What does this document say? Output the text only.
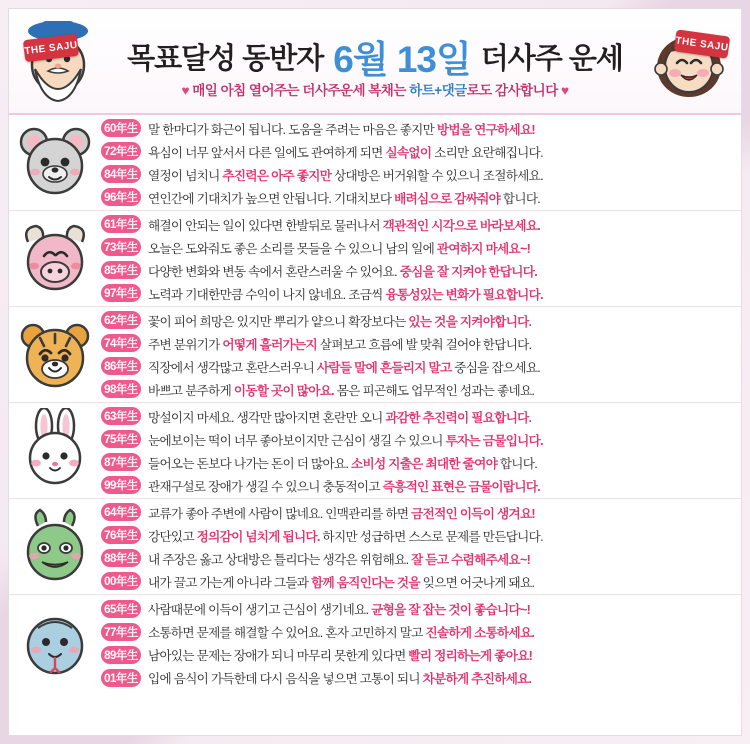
THE SAJU	THE SAJU
목표달성 동반자 6월 13일 더사주 운세
♥ 매일 아침 열어주는 더사주운세 복채는 하트+댓글로도 감사합니다 ♥
60年生 말 한마디가 화근이 됩니다. 도움을 주려는 마음은 좋지만 방법을 연구하세요!
72年生 욕심이 너무 앞서서 다른 일에도 관여하게 되면 실속없이 소리만 요란해집니다.
84年生 열정이 넘치니 추진력은 아주 좋지만 상대방은 버거워할 수 있으니 조절하세요.
96年生 연인간에 기대치가 높으면 안됩니다. 기대치보다 배려심으로 감싸줘야 합니다.
61年生 해결이 안되는 일이 있다면 한발뒤로 물러나서 객관적인 시각으로 바라보세요.
73年生 오늘은 도와줘도 좋은 소리를 못들을 수 있으니 남의 일에 관여하지 마세요~!
85年生 다양한 변화와 변동 속에서 혼란스러울 수 있어요. 중심을 잘 지켜야 한답니다.
97年生 노력과 기대한만큼 수익이 나지 않네요. 조금씩 융통성있는 변화가 필요합니다.
62年生 꽃이 피어 희망은 있지만 뿌리가 얕으니 확장보다는 있는 것을 지켜야합니다.
74年生 주변 분위기가 어떻게 흘러가는지 살펴보고 흐름에 발 맞춰 걸어야 한답니다.
86年生 직장에서 생각많고 혼란스러우니 사람들 말에 흔들리지 말고 중심을 잡으세요.
98年生 바쁘고 분주하게 이동할 곳이 많아요. 몸은 피곤해도 업무적인 성과는 좋네요.
63年生 망설이지 마세요. 생각만 많아지면 혼란만 오니 과감한 추진력이 필요합니다.
75年生 눈에보이는 떡이 너무 좋아보이지만 근심이 생길 수 있으니 투자는 금물입니다.
87年生 들어오는 돈보다 나가는 돈이 더 많아요. 소비성 지출은 최대한 줄여야 합니다.
99年生 관재구설로 장애가 생길 수 있으니 충동적이고 즉흥적인 표현은 금물이랍니다.
64年生 교류가 좋아 주변에 사람이 많네요. 인맥관리를 하면 금전적인 이득이 생겨요!
76年生 강단있고 정의감이 넘치게 됩니다. 하지만 성급하면 스스로 문제를 만든답니다.
88年生 내 주장은 옳고 상대방은 틀리다는 생각은 위험해요. 잘 듣고 수렴해주세요~!
00年生 내가 끌고 가는게 아니라 그들과 함께 움직인다는 것을 잊으면 어긋나게 돼요.
65年生 사람때문에 이득이 생기고 근심이 생기네요. 균형을 잘 잡는 것이 좋습니다~!
77年生 소통하면 문제를 해결할 수 있어요. 혼자 고민하지 말고 진솔하게 소통하세요.
89年生 남아있는 문제는 장애가 되니 마무리 못한게 있다면 빨리 정리하는게 좋아요!
01年生 입에 음식이 가득한데 다시 음식을 넣으면 고통이 되니 차분하게 추진하세요.
